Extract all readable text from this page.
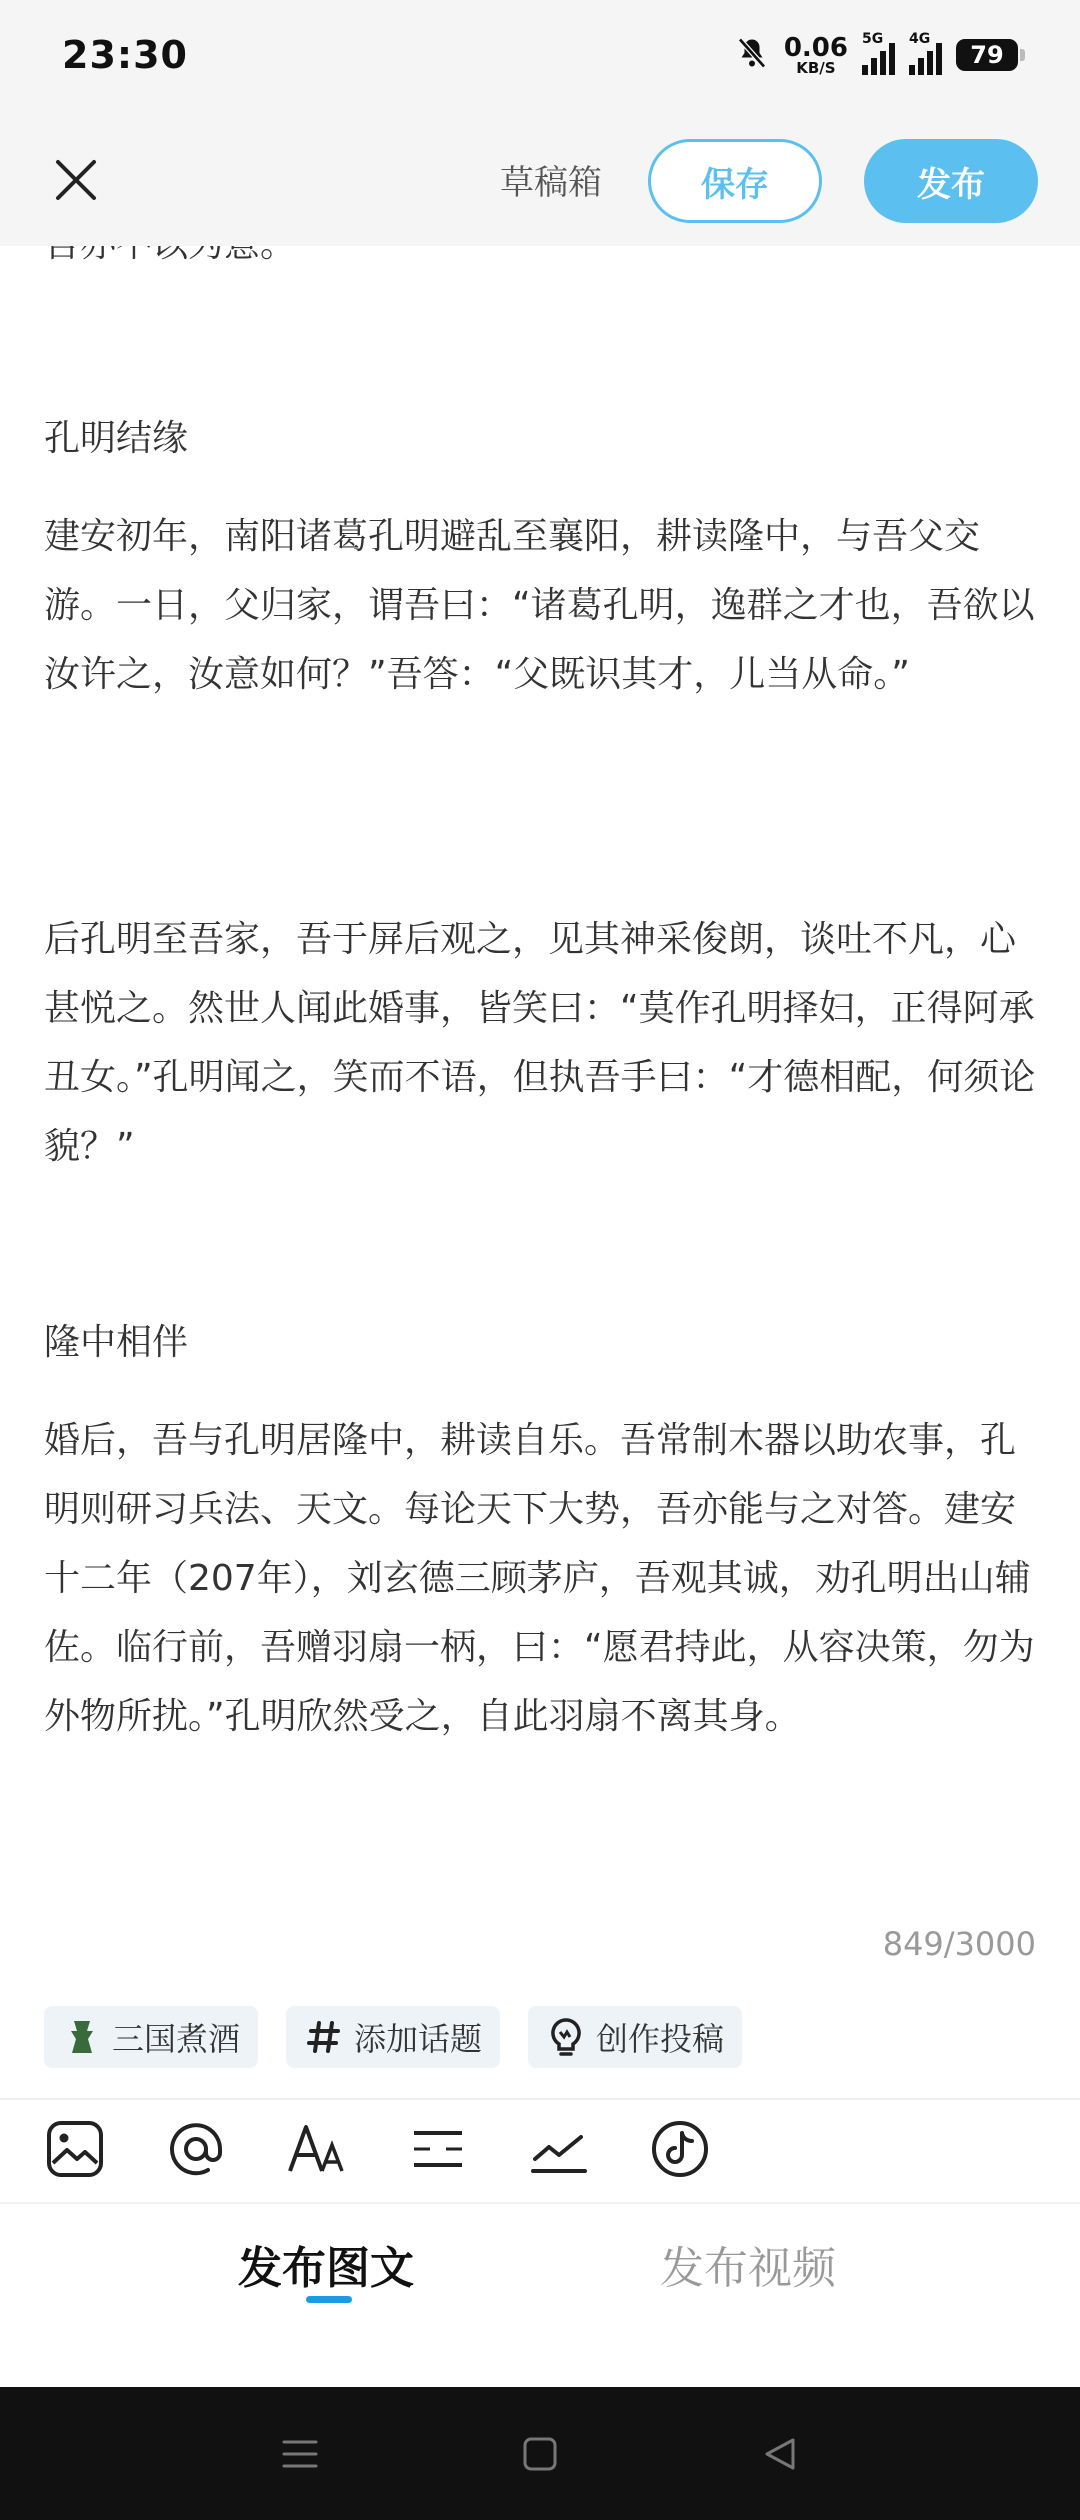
23:30	0.06
KB/S
5G 4G
79
草稿箱	保存	发布

孔明结缘

建安初年，南阳诸葛孔明避乱至襄阳，耕读隆中，与吾父交游。一日，父归家，谓吾曰：“诸葛孔明，逸群之才也，吾欲以汝许之，汝意如何？”吾答：“父既识其才，儿当从命。”

后孔明至吾家，吾于屏后观之，见其神采俊朗，谈吐不凡，心甚悦之。然世人闻此婚事，皆笑曰：“莫作孔明择妇，正得阿承丑女。”孔明闻之，笑而不语，但执吾手曰：“才德相配，何须论貌？”

隆中相伴

婚后，吾与孔明居隆中，耕读自乐。吾常制木器以助农事，孔明则研习兵法、天文。每论天下大势，吾亦能与之对答。建安十二年（207年），刘玄德三顾茅庐，吾观其诚，劝孔明出山辅佐。临行前，吾赠羽扇一柄，曰：“愿君持此，从容决策，勿为外物所扰。”孔明欣然受之，自此羽扇不离其身。

849/3000
三国煮酒	添加话题	创作投稿
发布图文	发布视频
